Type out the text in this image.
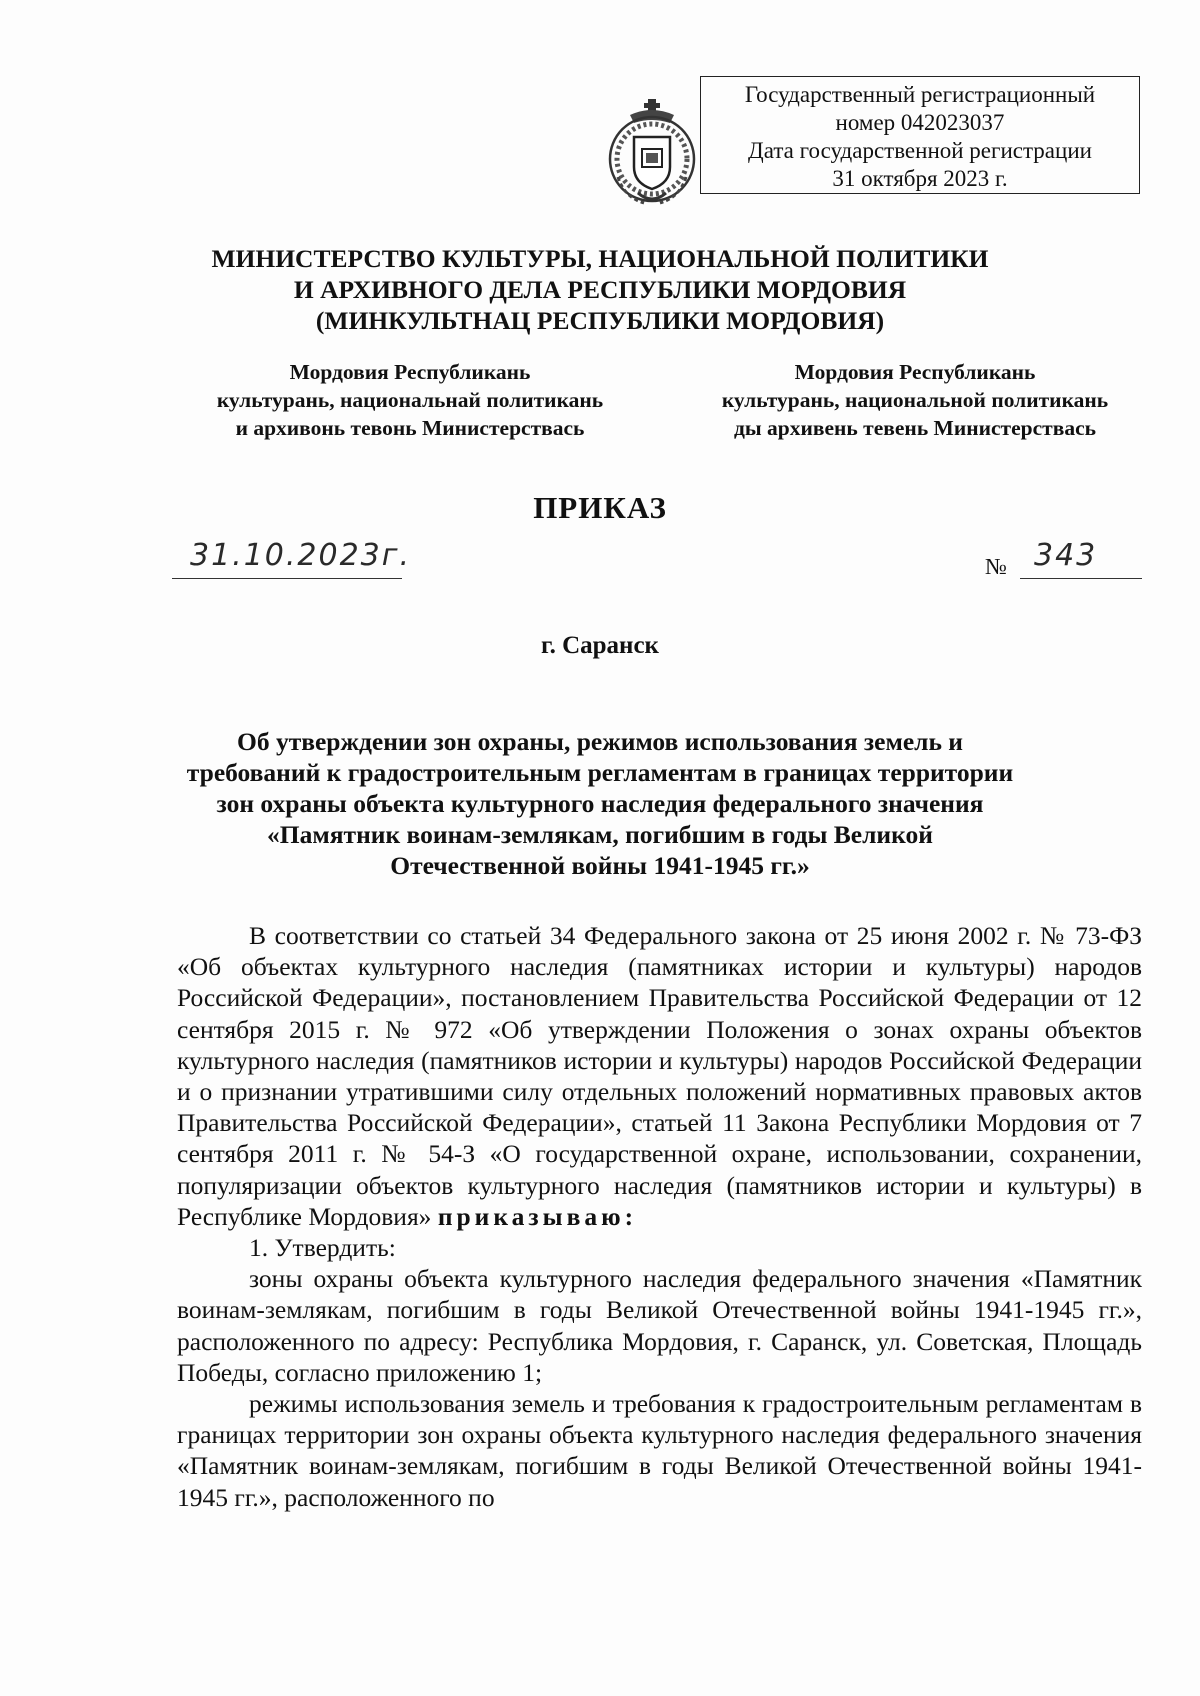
Государственный регистрационный
номер 042023037
Дата государственной регистрации
31 октября 2023 г.
МИНИСТЕРСТВО КУЛЬТУРЫ, НАЦИОНАЛЬНОЙ ПОЛИТИКИ
И АРХИВНОГО ДЕЛА РЕСПУБЛИКИ МОРДОВИЯ
(МИНКУЛЬТНАЦ РЕСПУБЛИКИ МОРДОВИЯ)
Мордовия Республикань
культурань, национальнай политикань
и архивонь тевонь Министерствась
Мордовия Республикань
культурань, национальной политикань
ды архивень тевень Министерствась
ПРИКАЗ
31.10.2023г.	№ 343
г. Саранск
Об утверждении зон охраны, режимов использования земель и
требований к градостроительным регламентам в границах территории
зон охраны объекта культурного наследия федерального значения
«Памятник воинам-землякам, погибшим в годы Великой
Отечественной войны 1941-1945 гг.»

В соответствии со статьей 34 Федерального закона от 25 июня 2002 г. № 73-ФЗ «Об объектах культурного наследия (памятниках истории и культуры) народов Российской Федерации», постановлением Правительства Российской Федерации от 12 сентября 2015 г. № 972 «Об утверждении Положения о зонах охраны объектов культурного наследия (памятников истории и культуры) народов Российской Федерации и о признании утратившими силу отдельных положений нормативных правовых актов Правительства Российской Федерации», статьей 11 Закона Республики Мордовия от 7 сентября 2011 г. № 54-З «О государственной охране, использовании, сохранении, популяризации объектов культурного наследия (памятников истории и культуры) в Республике Мордовия» приказываю:

1. Утвердить:

зоны охраны объекта культурного наследия федерального значения «Памятник воинам-землякам, погибшим в годы Великой Отечественной войны 1941-1945 гг.», расположенного по адресу: Республика Мордовия, г. Саранск, ул. Советская, Площадь Победы, согласно приложению 1;

режимы использования земель и требования к градостроительным регламентам в границах территории зон охраны объекта культурного наследия федерального значения «Памятник воинам-землякам, погибшим в годы Великой Отечественной войны 1941-1945 гг.», расположенного по
